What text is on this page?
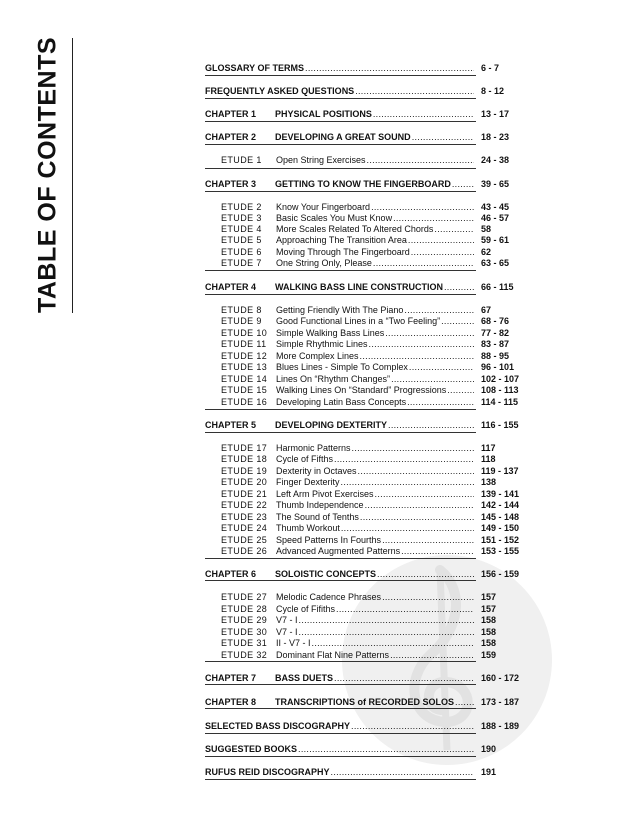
TABLE OF CONTENTS	GLOSSARY OF TERMS .....	6 - 7
FREQUENTLY ASKED QUESTIONS .....	8 - 12
CHAPTER 1	PHYSICAL POSITIONS .....	13 - 17
CHAPTER 2	DEVELOPING A GREAT SOUND .....	18 - 23
ETUDE 1	Open String Exercises .....	24 - 38
CHAPTER 3	GETTING TO KNOW THE FINGERBOARD .....	39 - 65
ETUDE 2	Know Your Fingerboard .....	43 - 45
ETUDE 3	Basic Scales You Must Know .....	46 - 57
ETUDE 4	More Scales Related To Altered Chords .....	58
ETUDE 5	Approaching The Transition Area .....	59 - 61
ETUDE 6	Moving Through The Fingerboard .....	62
ETUDE 7	One String Only, Please .....	63 - 65
CHAPTER 4	WALKING BASS LINE CONSTRUCTION .....	66 - 115
ETUDE 8	Getting Friendly With The Piano .....	67
ETUDE 9	Good Functional Lines in a “Two Feeling” .....	68 - 76
ETUDE 10 Simple Walking Bass Lines .....	77 - 82
ETUDE 11	Simple Rhythmic Lines .....	83 - 87
ETUDE 12 More Complex Lines .....	88 - 95
ETUDE 13 Blues Lines - Simple To Complex .....	96 - 101
ETUDE 14 Lines On “Rhythm Changes” .....	102 - 107
ETUDE 15 Walking Lines On “Standard” Progressions .....	108 - 113
ETUDE 16 Developing Latin Bass Concepts .....	114 - 115
CHAPTER 5	DEVELOPING DEXTERITY .....	116 - 155
ETUDE 17 Harmonic Patterns .....	117
ETUDE 18 Cycle of Fifths .....	118
ETUDE 19 Dexterity in Octaves .....	119 - 137
ETUDE 20 Finger Dexterity .....	138
ETUDE 21 Left Arm Pivot Exercises .....	139 - 141
ETUDE 22 Thumb Independence .....	142 - 144
ETUDE 23 The Sound of Tenths .....	145 - 148
ETUDE 24 Thumb Workout .....	149 - 150
ETUDE 25 Speed Patterns In Fourths .....	151 - 152
ETUDE 26 Advanced Augmented Patterns .....	153 - 155
CHAPTER 6	SOLOISTIC CONCEPTS .....	156 - 159
ETUDE 27 Melodic Cadence Phrases .....	157
ETUDE 28 Cycle of Fifiths .....	157
ETUDE 29 V7 - I .....	158
ETUDE 30 V7 - I .....	158
ETUDE 31 II - V7 - I .....	158
ETUDE 32 Dominant Flat Nine Patterns .....	159
CHAPTER 7	BASS DUETS .....	160 - 172
CHAPTER 8	TRANSCRIPTIONS of RECORDED SOLOS .....	173 - 187
SELECTED BASS DISCOGRAPHY .....	188 - 189
SUGGESTED BOOKS .....	190
RUFUS REID DISCOGRAPHY .....	191
